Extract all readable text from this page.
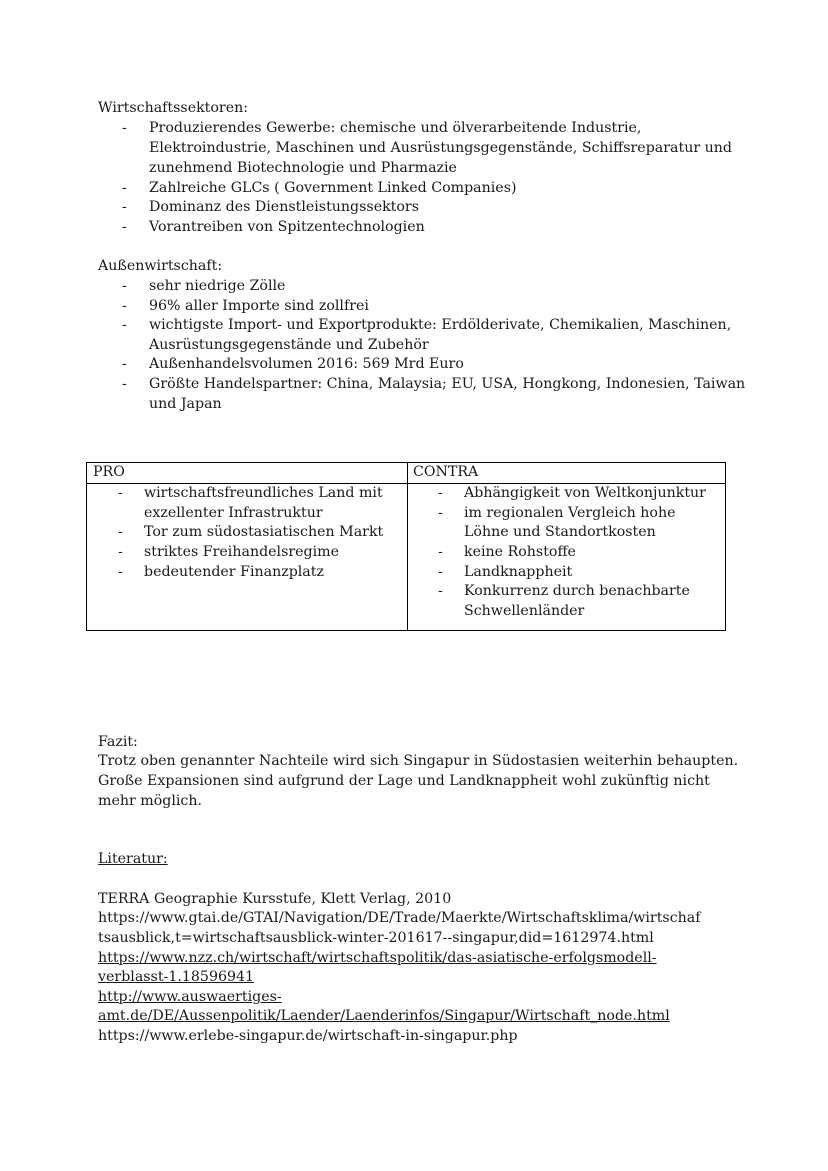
Wirtschaftssektoren:
- Produzierendes Gewerbe: chemische und ölverarbeitende Industrie,
Elektroindustrie, Maschinen und Ausrüstungsgegenstände, Schiffsreparatur und
zunehmend Biotechnologie und Pharmazie
- Zahlreiche GLCs ( Government Linked Companies)
- Dominanz des Dienstleistungssektors
- Vorantreiben von Spitzentechnologien
Außenwirtschaft:
- sehr niedrige Zölle
- 96% aller Importe sind zollfrei
- wichtigste Import- und Exportprodukte: Erdölderivate, Chemikalien, Maschinen,
Ausrüstungsgegenstände und Zubehör
- Außenhandelsvolumen 2016: 569 Mrd Euro
- Größte Handelspartner: China, Malaysia; EU, USA, Hongkong, Indonesien, Taiwan
und Japan
PRO	CONTRA
- wirtschaftsfreundliches Land mit
exzellenter Infrastruktur
- Tor zum südostasiatischen Markt
- striktes Freihandelsregime
- bedeutender Finanzplatz
- Abhängigkeit von Weltkonjunktur
- im regionalen Vergleich hohe
Löhne und Standortkosten
- keine Rohstoffe
- Landknappheit
- Konkurrenz durch benachbarte
Schwellenländer
Fazit:
Trotz oben genannter Nachteile wird sich Singapur in Südostasien weiterhin behaupten.
Große Expansionen sind aufgrund der Lage und Landknappheit wohl zukünftig nicht
mehr möglich.
Literatur:
TERRA Geographie Kursstufe, Klett Verlag, 2010
https://www.gtai.de/GTAI/Navigation/DE/Trade/Maerkte/Wirtschaftsklima/wirtschaf
tsausblick,t=wirtschaftsausblick-winter-201617--singapur,did=1612974.html
https://www.nzz.ch/wirtschaft/wirtschaftspolitik/das-asiatische-erfolgsmodell-
verblasst-1.18596941
http://www.auswaertiges-
amt.de/DE/Aussenpolitik/Laender/Laenderinfos/Singapur/Wirtschaft_node.html
https://www.erlebe-singapur.de/wirtschaft-in-singapur.php
